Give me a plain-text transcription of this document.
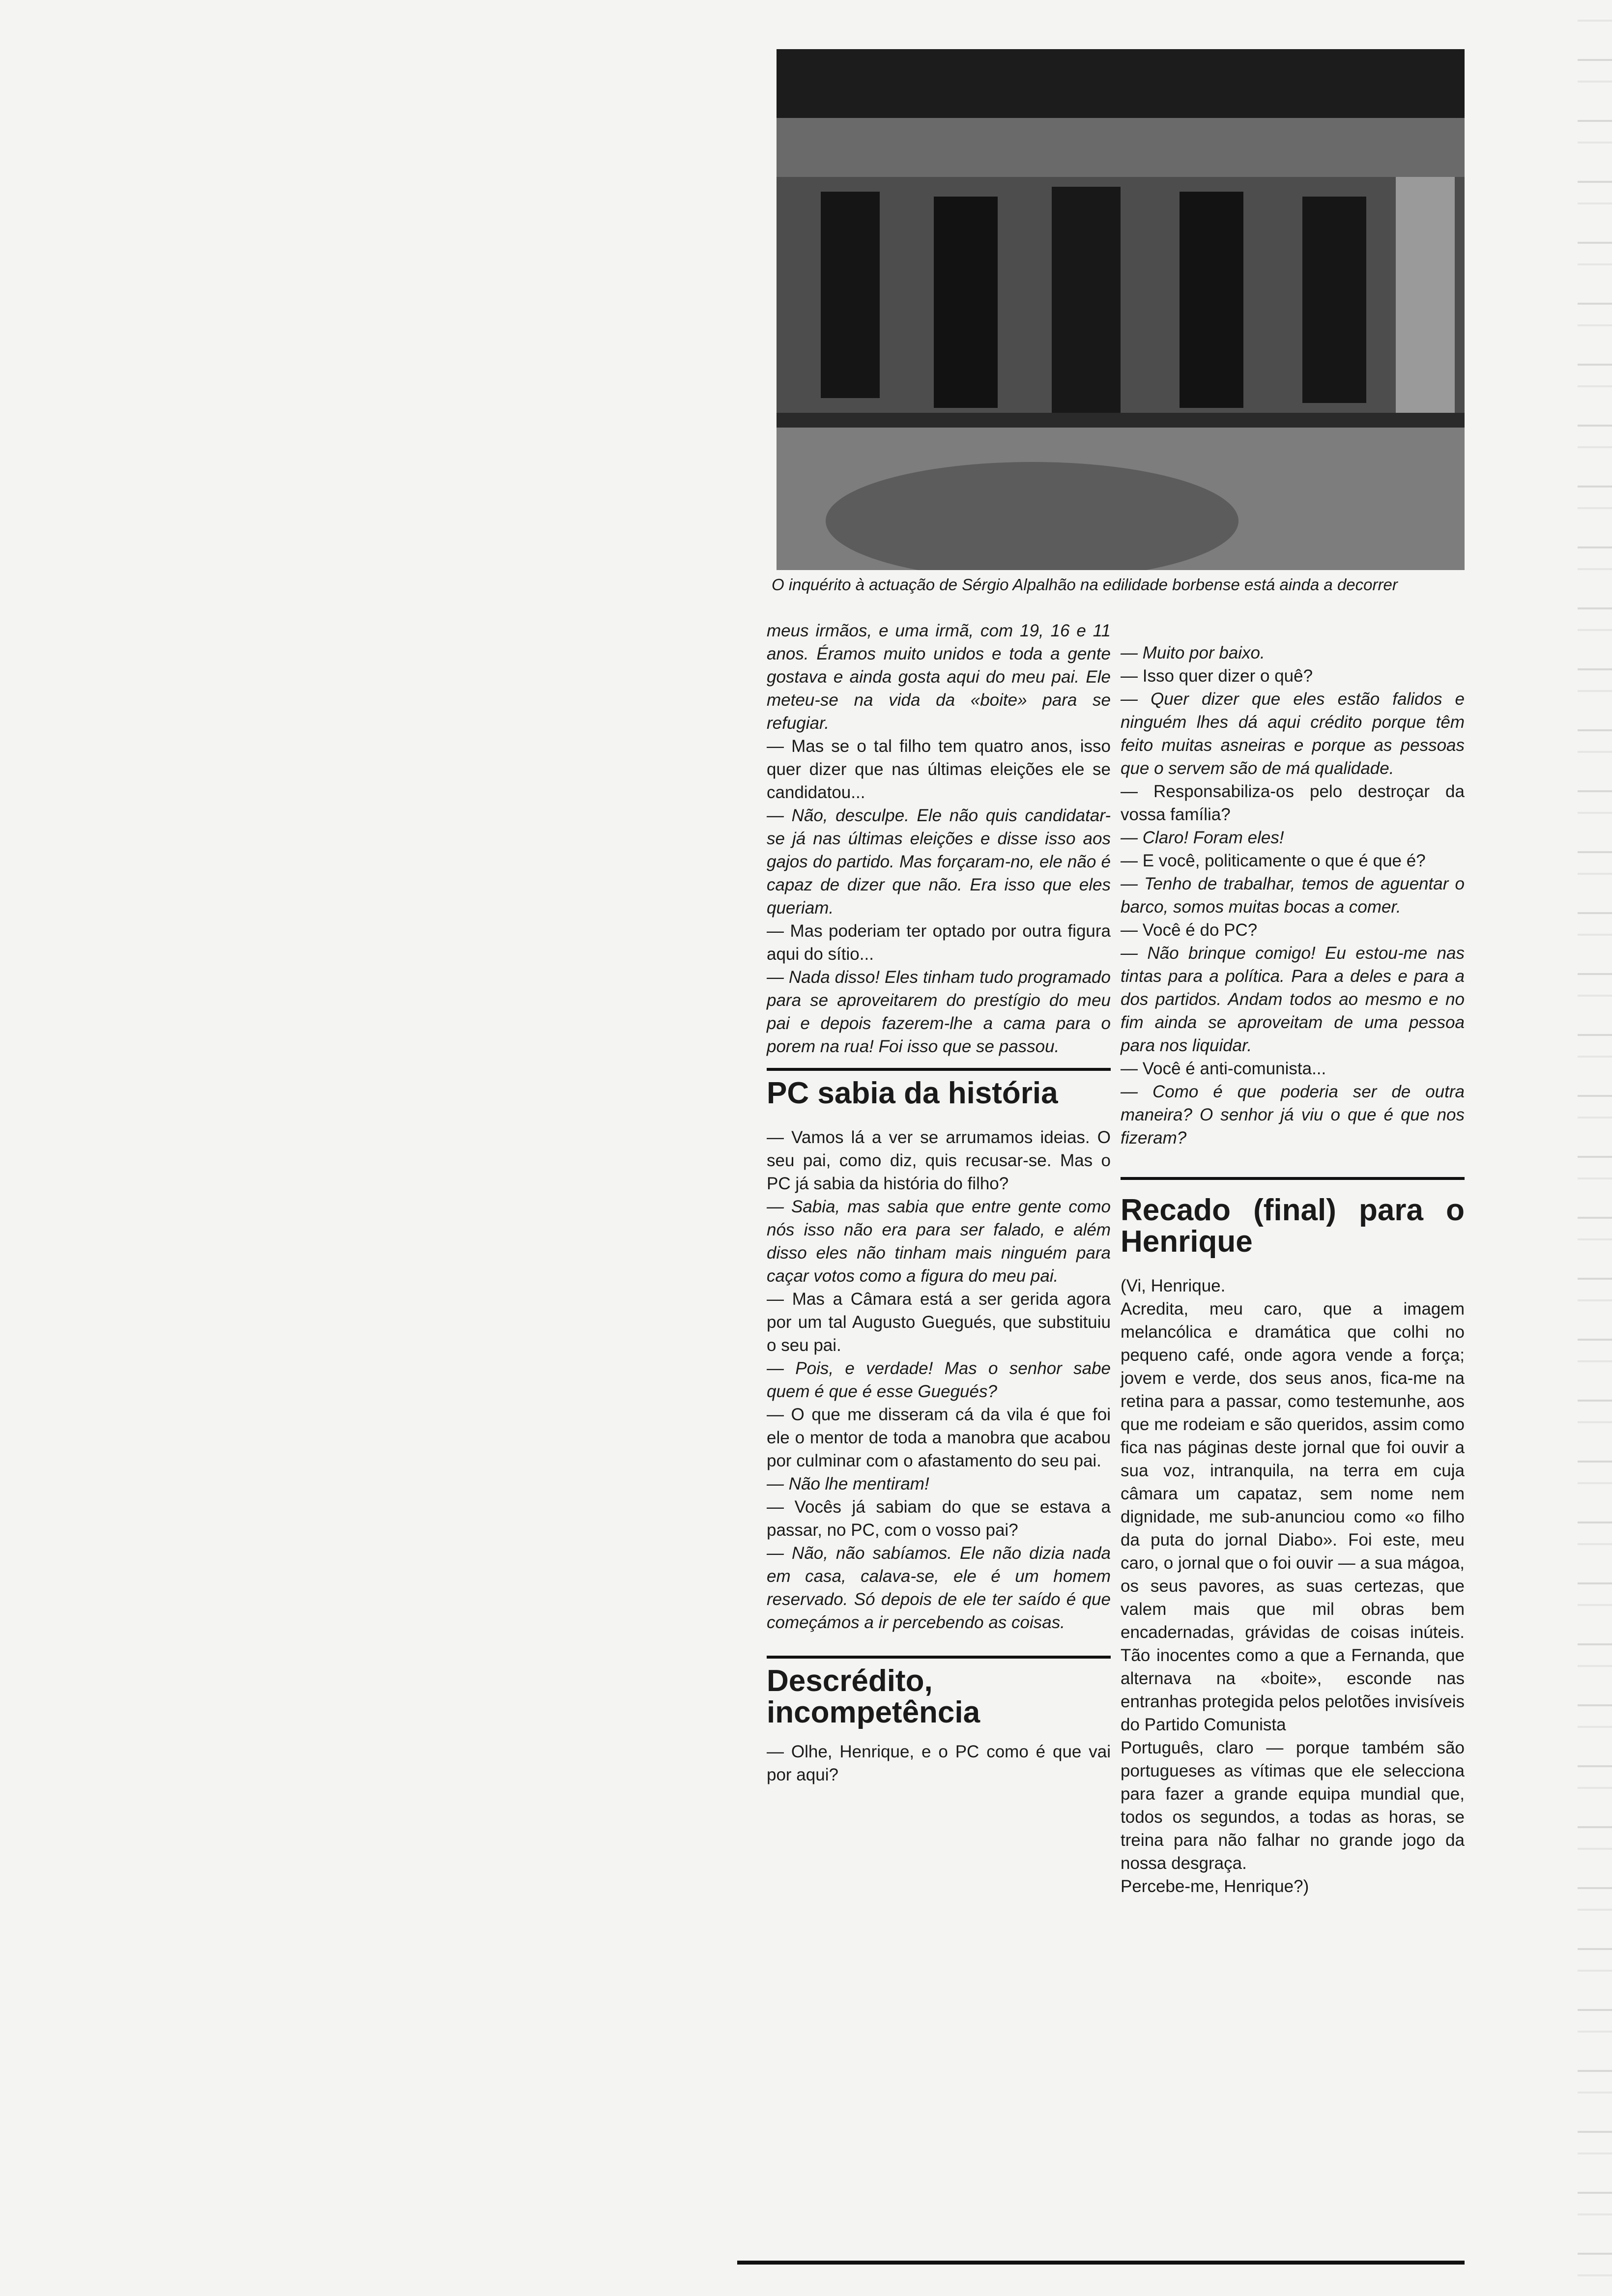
O inquérito à actuação de Sérgio Alpalhão na edilidade borbense está ainda a decorrer

meus irmãos, e uma irmã, com 19, 16 e 11 anos. Éramos muito unidos e toda a gente gostava e ainda gosta aqui do meu pai. Ele meteu-se na vida da «boite» para se refugiar.

— Mas se o tal filho tem quatro anos, isso quer dizer que nas últimas eleições ele se candidatou...

— Não, desculpe. Ele não quis candidatar-se já nas últimas eleições e disse isso aos gajos do partido. Mas forçaram-no, ele não é capaz de dizer que não. Era isso que eles queriam.

— Mas poderiam ter optado por outra figura aqui do sítio...

— Nada disso! Eles tinham tudo programado para se aproveitarem do prestígio do meu pai e depois fazerem-lhe a cama para o porem na rua! Foi isso que se passou.

PC sabia da história

— Vamos lá a ver se arrumamos ideias. O seu pai, como diz, quis recusar-se. Mas o PC já sabia da história do filho?

— Sabia, mas sabia que entre gente como nós isso não era para ser falado, e além disso eles não tinham mais ninguém para caçar votos como a figura do meu pai.

— Mas a Câmara está a ser gerida agora por um tal Augusto Guegués, que substituiu o seu pai.

— Pois, e verdade! Mas o senhor sabe quem é que é esse Guegués?

— O que me disseram cá da vila é que foi ele o mentor de toda a manobra que acabou por culminar com o afastamento do seu pai.

— Não lhe mentiram!

— Vocês já sabiam do que se estava a passar, no PC, com o vosso pai?

— Não, não sabíamos. Ele não dizia nada em casa, calava-se, ele é um homem reservado. Só depois de ele ter saído é que começámos a ir percebendo as coisas.

Descrédito, incompetência

— Olhe, Henrique, e o PC como é que vai por aqui?

— Muito por baixo.

— Isso quer dizer o quê?

— Quer dizer que eles estão falidos e ninguém lhes dá aqui crédito porque têm feito muitas asneiras e porque as pessoas que o servem são de má qualidade.

— Responsabiliza-os pelo destroçar da vossa família?

— Claro! Foram eles!

— E você, politicamente o que é que é?

— Tenho de trabalhar, temos de aguentar o barco, somos muitas bocas a comer.

— Você é do PC?

— Não brinque comigo! Eu estou-me nas tintas para a política. Para a deles e para a dos partidos. Andam todos ao mesmo e no fim ainda se aproveitam de uma pessoa para nos liquidar.

— Você é anti-comunista...

— Como é que poderia ser de outra maneira? O senhor já viu o que é que nos fizeram?

Recado (final) para o Henrique

(Vi, Henrique.

Acredita, meu caro, que a imagem melancólica e dramática que colhi no pequeno café, onde agora vende a força; jovem e verde, dos seus anos, fica-me na retina para a passar, como testemunhe, aos que me rodeiam e são queridos, assim como fica nas páginas deste jornal que foi ouvir a sua voz, intranquila, na terra em cuja câmara um capataz, sem nome nem dignidade, me sub-anunciou como «o filho da puta do jornal Diabo». Foi este, meu caro, o jornal que o foi ouvir — a sua mágoa, os seus pavores, as suas certezas, que valem mais que mil obras bem encadernadas, grávidas de coisas inúteis. Tão inocentes como a que a Fernanda, que alternava na «boite», esconde nas entranhas protegida pelos pelotões invisíveis do Partido Comunista

Português, claro — porque também são portugueses as vítimas que ele selecciona para fazer a grande equipa mundial que, todos os segundos, a todas as horas, se treina para não falhar no grande jogo da nossa desgraça.

Percebe-me, Henrique?)
